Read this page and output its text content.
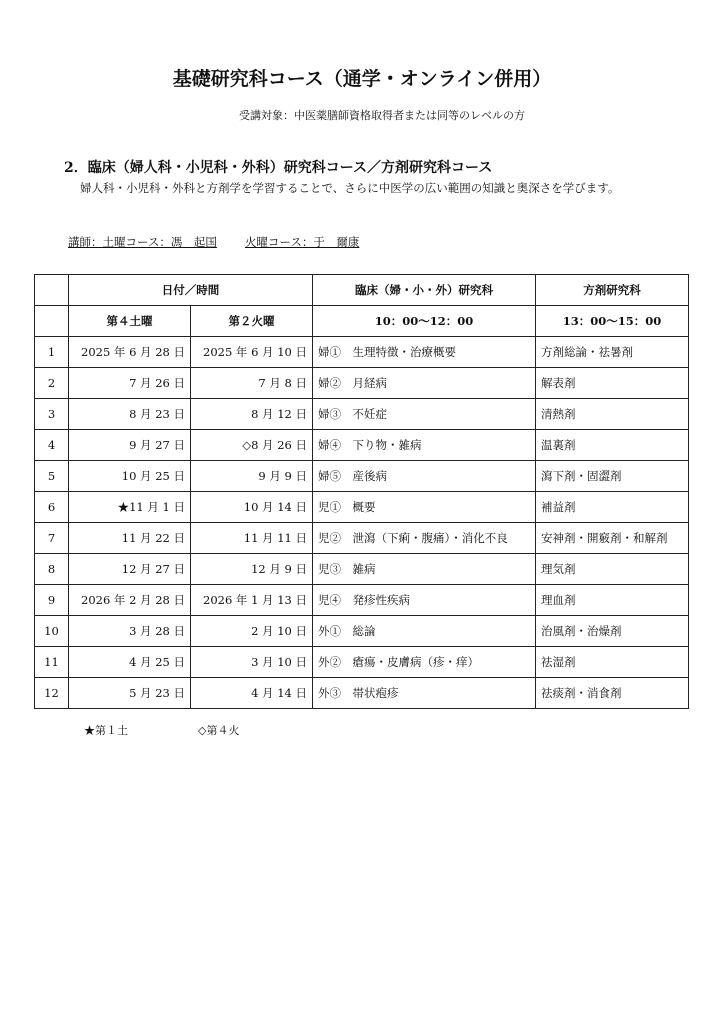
基礎研究科コース（通学・オンライン併用）
受講対象：中医薬膳師資格取得者または同等のレベルの方
2．臨床（婦人科・小児科・外科）研究科コース／方剤研究科コース

婦人科・小児科・外科と方剤学を学習することで、さらに中医学の広い範囲の知識と奥深さを学びます。

講師：土曜コース：馮　起国 火曜コース：于　爾康
	日付／時間		臨床（婦・小・外）研究科	方剤研究科
	第４土曜	第２火曜	10：00～12：00	13：00～15：00
1	2025 年 6 月 28 日	2025 年 6 月 10 日	婦①　生理特徴・治療概要	方剤総論・祛暑剤
2	7 月 26 日	7 月 8 日	婦②　月経病	解表剤
3	8 月 23 日	8 月 12 日	婦③　不妊症	清熱剤
4	9 月 27 日	◇8 月 26 日	婦④　下り物・雑病	温裏剤
5	10 月 25 日	9 月 9 日	婦⑤　産後病	瀉下剤・固澀剤
6	★11 月 1 日	10 月 14 日	児①　概要	補益剤
7	11 月 22 日	11 月 11 日	児②　泄瀉（下痢・腹痛）・消化不良	安神剤・開竅剤・和解剤
8	12 月 27 日	12 月 9 日	児③　雑病	理気剤
9	2026 年 2 月 28 日	2026 年 1 月 13 日	児④　発疹性疾病	理血剤
10	3 月 28 日	2 月 10 日	外①　総論	治風剤・治燥剤
11	4 月 25 日	3 月 10 日	外②　瘡瘍・皮膚病（疹・痒）	祛湿剤
12	5 月 23 日	4 月 14 日	外③　帯状疱疹	祛痰剤・消食剤
★第１土	◇第４火
